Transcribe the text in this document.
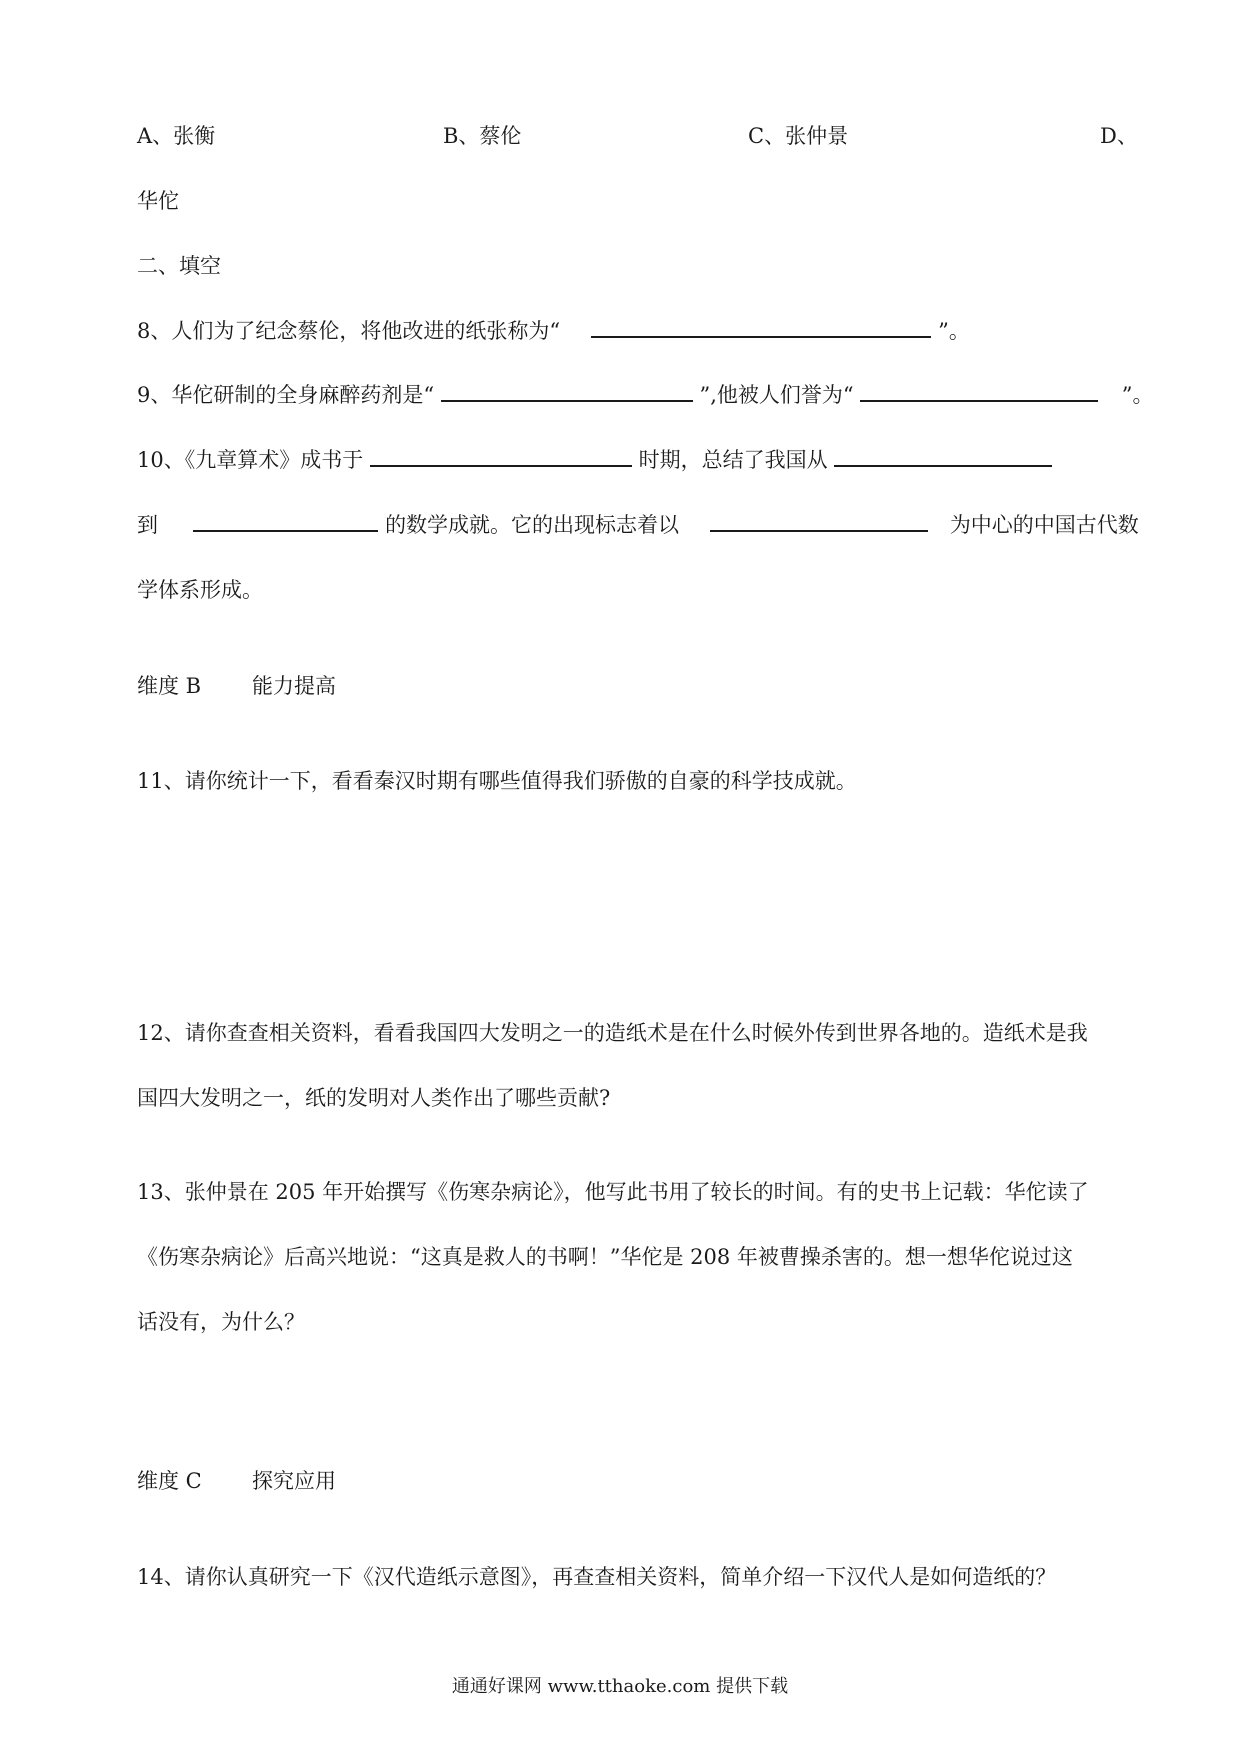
A、张衡	B、蔡伦	C、张仲景	D、
华佗
二、填空
8、人们为了纪念蔡伦，将他改进的纸张称为“	”。
9、华佗研制的全身麻醉药剂是“	”,他被人们誉为“	”。
10、《九章算术》成书于	时期，总结了我国从
到	的数学成就。它的出现标志着以	为中心的中国古代数
学体系形成。
维度 B 能力提高
11、请你统计一下，看看秦汉时期有哪些值得我们骄傲的自豪的科学技成就。
12、请你查查相关资料，看看我国四大发明之一的造纸术是在什么时候外传到世界各地的。造纸术是我
国四大发明之一，纸的发明对人类作出了哪些贡献?
13、张仲景在 205 年开始撰写《伤寒杂病论》，他写此书用了较长的时间。有的史书上记载：华佗读了
《伤寒杂病论》后高兴地说：“这真是救人的书啊！”华佗是 208 年被曹操杀害的。想一想华佗说过这
话没有，为什么？
维度 C 探究应用
14、请你认真研究一下《汉代造纸示意图》，再查查相关资料，简单介绍一下汉代人是如何造纸的？
通通好课网 www.tthaoke.com 提供下载
